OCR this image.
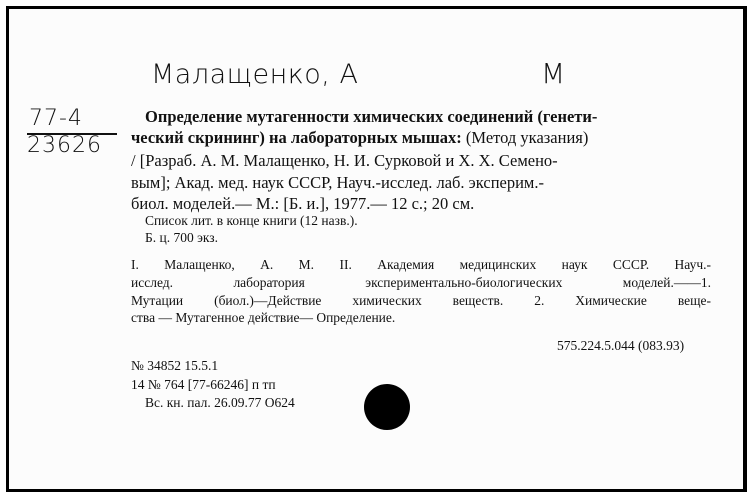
Малащенко, А	М
77-4
23626
Определение мутагенности химических соединений (генети-
ческий скрининг) на лабораторных мышах: (Метод указания)
/ [Разраб. А. М. Малащенко, Н. И. Сурковой и Х. Х. Семено-
вым]; Акад. мед. наук СССР, Науч.-исслед. лаб. эксперим.-
биол. моделей.— М.: [Б. и.], 1977.— 12 с.; 20 см.
Список лит. в конце книги (12 назв.).
Б. ц. 700 экз.
I. Малащенко, А. М. II. Академия медицинских наук СССР. Науч.-
исслед. лаборатория экспериментально-биологических моделей.——1.
Мутации (биол.)—Действие химических веществ. 2. Химические веще-
ства — Мутагенное действие— Определение.
575.224.5.044 (083.93)
№ 34852 15.5.1
14 № 764 [77-66246] п тп
Вс. кн. пал. 26.09.77 О624
